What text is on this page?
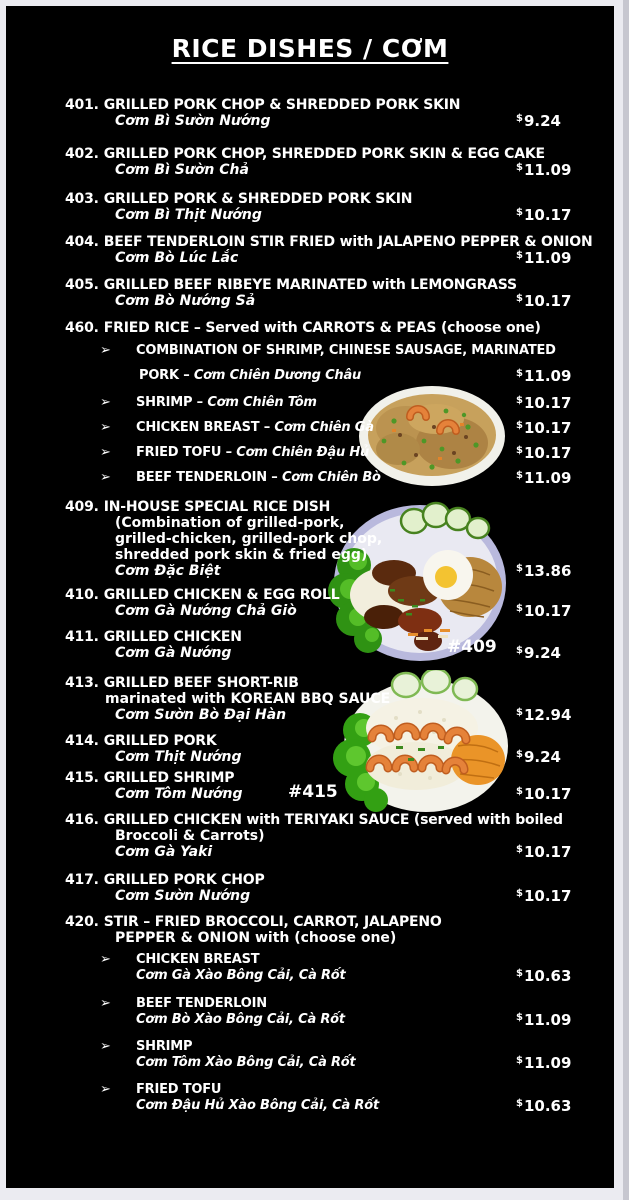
RICE DISHES / CƠM
401. GRILLED PORK CHOP & SHREDDED PORK SKIN
Cơm Bì Sườn Nướng	$9.24
402. GRILLED PORK CHOP, SHREDDED PORK SKIN & EGG CAKE
Cơm Bì Sườn Chả	$11.09
403. GRILLED PORK & SHREDDED PORK SKIN
Cơm Bì Thịt Nướng	$10.17
404. BEEF TENDERLOIN STIR FRIED with JALAPENO PEPPER & ONION
Cơm Bò Lúc Lắc	$11.09
405. GRILLED BEEF RIBEYE MARINATED with LEMONGRASS
Cơm Bò Nướng Sả	$10.17
460. FRIED RICE – Served with CARROTS & PEAS (choose one)
➢ COMBINATION OF SHRIMP, CHINESE SAUSAGE, MARINATED
PORK – Cơm Chiên Dương Châu	$11.09
➢ SHRIMP – Cơm Chiên Tôm	$10.17
➢ CHICKEN BREAST – Cơm Chiên Gà	$10.17
➢ FRIED TOFU – Cơm Chiên Đậu Hủ	$10.17
➢ BEEF TENDERLOIN – Cơm Chiên Bò	$11.09
409. IN-HOUSE SPECIAL RICE DISH
(Combination of grilled-pork,
grilled-chicken, grilled-pork chop,
shredded pork skin & fried egg)
Cơm Đặc Biệt	$13.86
410. GRILLED CHICKEN & EGG ROLL
Cơm Gà Nướng Chả Giò	$10.17
411. GRILLED CHICKEN
Cơm Gà Nướng	$9.24
413. GRILLED BEEF SHORT-RIB
marinated with KOREAN BBQ SAUCE
Cơm Sườn Bò Đại Hàn	$12.94
414. GRILLED PORK
Cơm Thịt Nướng	$9.24
415. GRILLED SHRIMP
Cơm Tôm Nướng	$10.17
416. GRILLED CHICKEN with TERIYAKI SAUCE (served with boiled
Broccoli & Carrots)
Cơm Gà Yaki	$10.17
417. GRILLED PORK CHOP
Cơm Sườn Nướng	$10.17
420. STIR – FRIED BROCCOLI, CARROT, JALAPENO
PEPPER & ONION with (choose one)
➢ CHICKEN BREAST
Cơm Gà Xào Bông Cải, Cà Rốt	$10.63
➢ BEEF TENDERLOIN
Cơm Bò Xào Bông Cải, Cà Rốt	$11.09
➢ SHRIMP
Cơm Tôm Xào Bông Cải, Cà Rốt	$11.09
➢ FRIED TOFU
Cơm Đậu Hủ Xào Bông Cải, Cà Rốt	$10.63
#409
#415
